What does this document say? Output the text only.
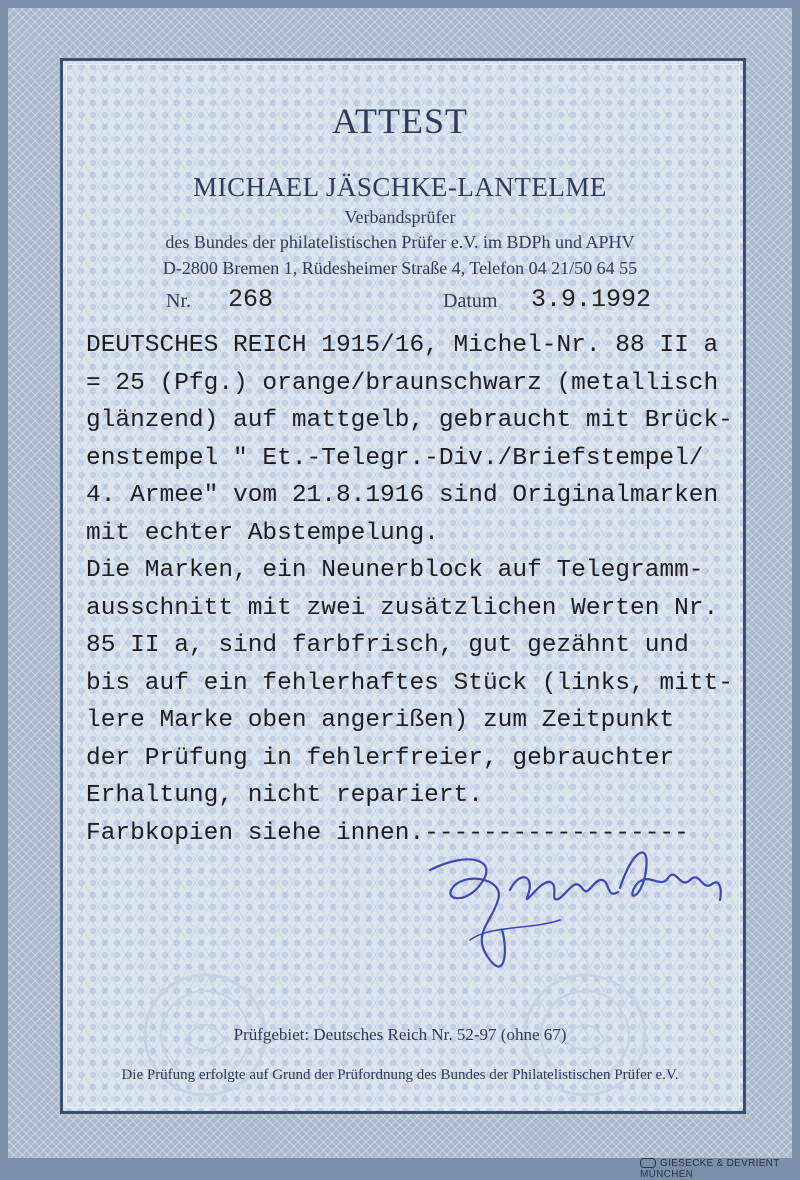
ATTEST
MICHAEL JÄSCHKE-LANTELME
Verbandsprüfer
des Bundes der philatelistischen Prüfer e.V. im BDPh und APHV
D-2800 Bremen 1, Rüdesheimer Straße 4, Telefon 04 21/50 64 55
Nr. 268	Datum 3.9.1992
DEUTSCHES REICH 1915/16, Michel-Nr. 88 II a
= 25 (Pfg.) orange/braunschwarz (metallisch
glänzend) auf mattgelb, gebraucht mit Brück-
enstempel " Et.-Telegr.-Div./Briefstempel/
4. Armee" vom 21.8.1916 sind Originalmarken
mit echter Abstempelung.
Die Marken, ein Neunerblock auf Telegramm-
ausschnitt mit zwei zusätzlichen Werten Nr.
85 II a, sind farbfrisch, gut gezähnt und
bis auf ein fehlerhaftes Stück (links, mitt-
lere Marke oben angerißen) zum Zeitpunkt
der Prüfung in fehlerfreier, gebrauchter
Erhaltung, nicht repariert.
Farbkopien siehe innen.------------------
Prüfgebiet: Deutsches Reich Nr. 52-97 (ohne 67)
Die Prüfung erfolgte auf Grund der Prüfordnung des Bundes der Philatelistischen Prüfer e.V.
GIESECKE & DEVRIENT MÜNCHEN
